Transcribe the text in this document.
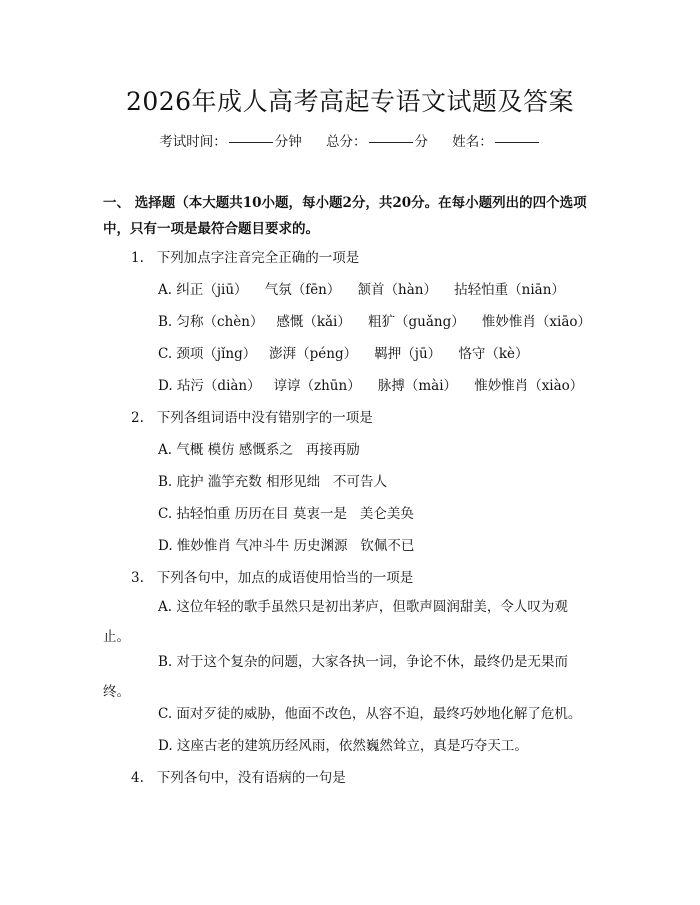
2026年成人高考高起专语文试题及答案
考试时间：	分钟 总分：	分 姓名：
一、 选择题（本大题共10小题，每小题2分，共20分。在每小题列出的四个选项中，只有一项是最符合题目要求的。
1. 下列加点字注音完全正确的一项是
A. 纠正（jiū）    气氛（fēn）    颔首（hàn）    拈轻怕重（niān）
B. 匀称（chèn）   感慨（kǎi）    粗犷（guǎng）    惟妙惟肖（xiāo）
C. 颈项（jǐng）   澎湃（péng）    羁押（jū）    恪守（kè）
D. 玷污（diàn）   谆谆（zhūn）    脉搏（mài）    惟妙惟肖（xiào）
2. 下列各组词语中没有错别字的一项是
A. 气概 模仿 感慨系之   再接再励
B. 庇护 滥竽充数 相形见绌   不可告人
C. 拈轻怕重 历历在目 莫衷一是   美仑美奂
D. 惟妙惟肖 气冲斗牛 历史渊源   钦佩不已
3. 下列各句中，加点的成语使用恰当的一项是
A. 这位年轻的歌手虽然只是初出茅庐，但歌声圆润甜美，令人叹为观止。
B. 对于这个复杂的问题，大家各执一词，争论不休，最终仍是无果而终。
C. 面对歹徒的威胁，他面不改色，从容不迫，最终巧妙地化解了危机。
D. 这座古老的建筑历经风雨，依然巍然耸立，真是巧夺天工。
4. 下列各句中，没有语病的一句是
